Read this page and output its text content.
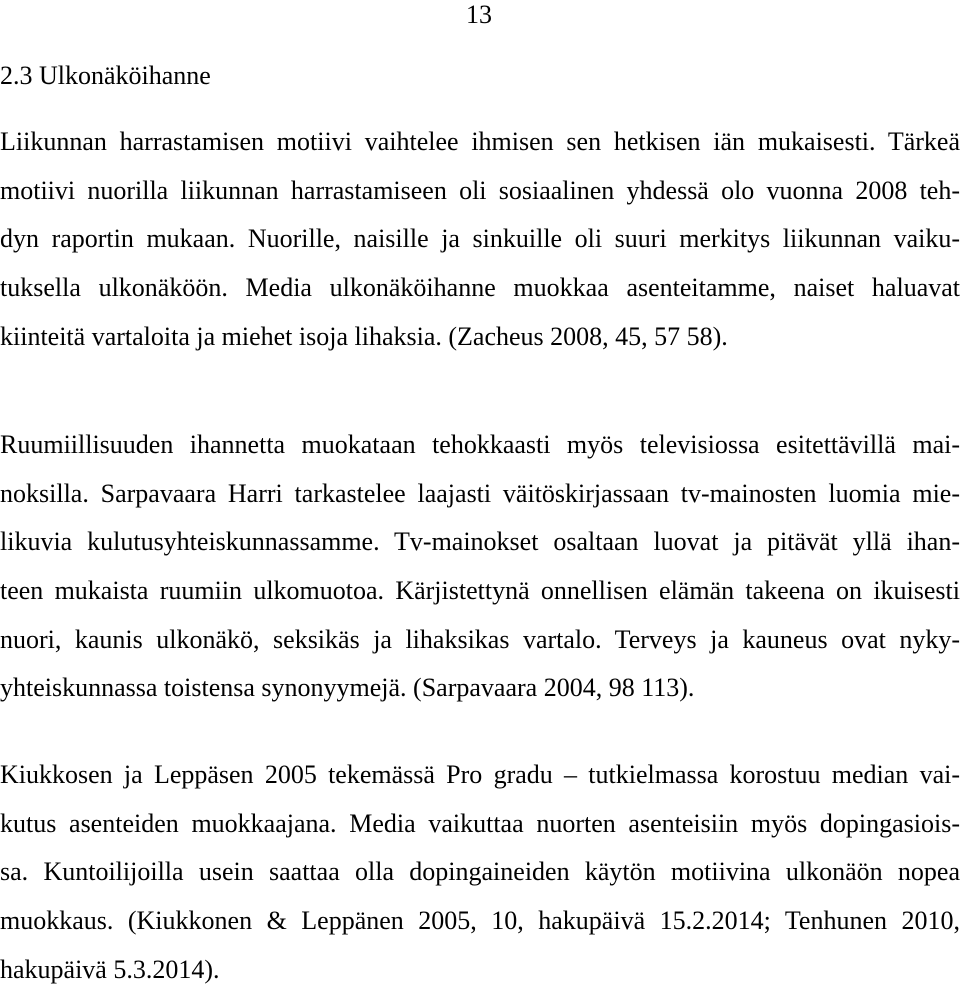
13
2.3 Ulkonäköihanne
Liikunnan harrastamisen motiivi vaihtelee ihmisen sen hetkisen iän mukaisesti. Tärkeä
motiivi nuorilla liikunnan harrastamiseen oli sosiaalinen yhdessä olo vuonna 2008 teh-
dyn raportin mukaan. Nuorille, naisille ja sinkuille oli suuri merkitys liikunnan vaiku-
tuksella ulkonäköön. Media ulkonäköihanne muokkaa asenteitamme, naiset haluavat
kiinteitä vartaloita ja miehet isoja lihaksia. (Zacheus 2008, 45, 57 58).
Ruumiillisuuden ihannetta muokataan tehokkaasti myös televisiossa esitettävillä mai-
noksilla. Sarpavaara Harri tarkastelee laajasti väitöskirjassaan tv-mainosten luomia mie-
likuvia kulutusyhteiskunnassamme. Tv-mainokset osaltaan luovat ja pitävät yllä ihan-
teen mukaista ruumiin ulkomuotoa. Kärjistettynä onnellisen elämän takeena on ikuisesti
nuori, kaunis ulkonäkö, seksikäs ja lihaksikas vartalo. Terveys ja kauneus ovat nyky-
yhteiskunnassa toistensa synonyymejä. (Sarpavaara 2004, 98 113).
Kiukkosen ja Leppäsen 2005 tekemässä Pro gradu – tutkielmassa korostuu median vai-
kutus asenteiden muokkaajana. Media vaikuttaa nuorten asenteisiin myös dopingasiois-
sa. Kuntoilijoilla usein saattaa olla dopingaineiden käytön motiivina ulkonäön nopea
muokkaus. (Kiukkonen & Leppänen 2005, 10, hakupäivä 15.2.2014; Tenhunen 2010,
hakupäivä 5.3.2014).
